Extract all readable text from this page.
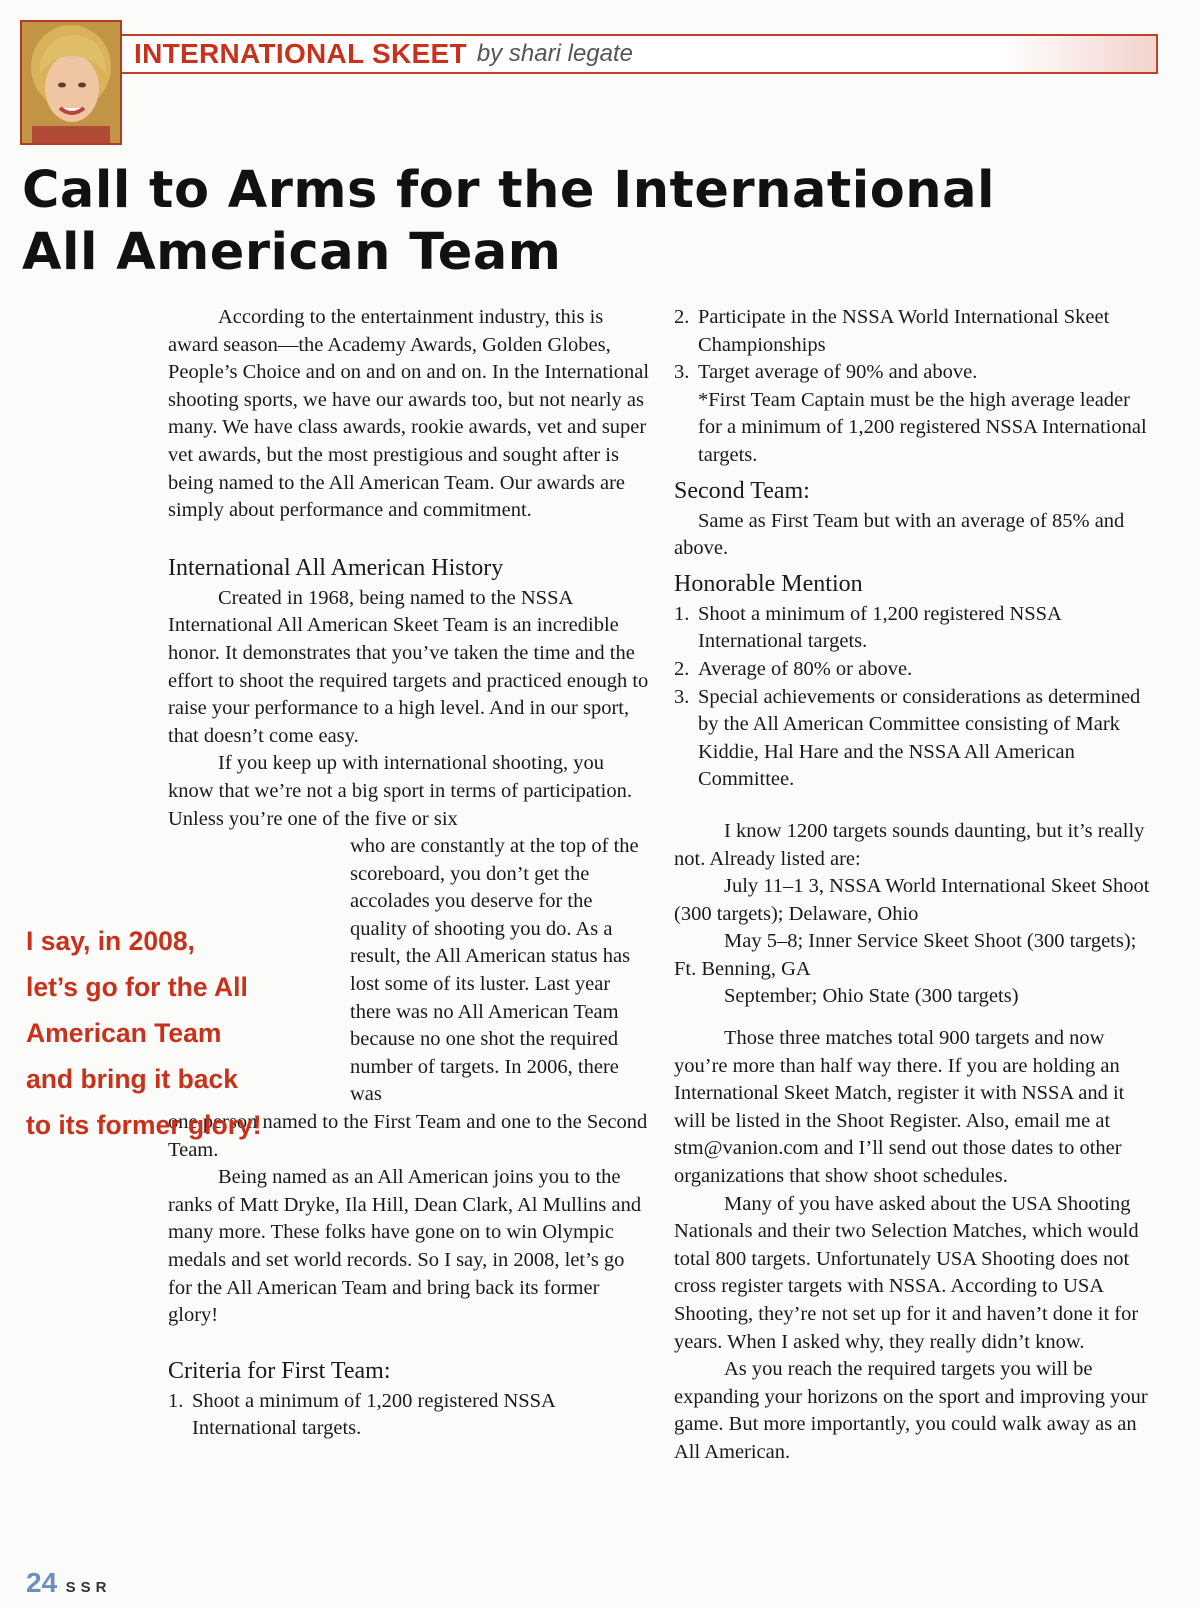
INTERNATIONAL SKEET by shari legate
Call to Arms for the International
All American Team

According to the entertainment industry, this is award season—the Academy Awards, Golden Globes, People’s Choice and on and on and on. In the International shooting sports, we have our awards too, but not nearly as many. We have class awards, rookie awards, vet and super vet awards, but the most prestigious and sought after is being named to the All American Team. Our awards are simply about performance and commitment.

International All American History

Created in 1968, being named to the NSSA International All American Skeet Team is an incredible honor. It demonstrates that you’ve taken the time and the effort to shoot the required targets and practiced enough to raise your performance to a high level. And in our sport, that doesn’t come easy.

If you keep up with international shooting, you know that we’re not a big sport in terms of participation. Unless you’re one of the five or six

who are constantly at the top of the scoreboard, you don’t get the accolades you deserve for the quality of shooting you do. As a result, the All American status has lost some of its luster. Last year there was no All American Team because no one shot the required number of targets. In 2006, there was

one person named to the First Team and one to the Second Team.

Being named as an All American joins you to the ranks of Matt Dryke, Ila Hill, Dean Clark, Al Mullins and many more. These folks have gone on to win Olympic medals and set world records. So I say, in 2008, let’s go for the All American Team and bring back its former glory!

Criteria for First Team:

1. Shoot a minimum of 1,200 registered NSSA International targets.
I say, in 2008,
let’s go for the All
American Team
and bring it back
to its former glory!
2. Participate in the NSSA World International Skeet Championships
3. Target average of 90% and above.

*First Team Captain must be the high average leader for a minimum of 1,200 registered NSSA International targets.

Second Team:

Same as First Team but with an average of 85% and above.

Honorable Mention

1. Shoot a minimum of 1,200 registered NSSA International targets.
2. Average of 80% or above.
3. Special achievements or considerations as determined by the All American Committee consisting of Mark Kiddie, Hal Hare and the NSSA All American Committee.

I know 1200 targets sounds daunting, but it’s really not. Already listed are:

July 11–1 3, NSSA World International Skeet Shoot (300 targets); Delaware, Ohio

May 5–8; Inner Service Skeet Shoot (300 targets); Ft. Benning, GA

September; Ohio State (300 targets)

Those three matches total 900 targets and now you’re more than half way there. If you are holding an International Skeet Match, register it with NSSA and it will be listed in the Shoot Register. Also, email me at stm@vanion.com and I’ll send out those dates to other organizations that show shoot schedules.

Many of you have asked about the USA Shooting Nationals and their two Selection Matches, which would total 800 targets. Unfortunately USA Shooting does not cross register targets with NSSA. According to USA Shooting, they’re not set up for it and haven’t done it for years. When I asked why, they really didn’t know.

As you reach the required targets you will be expanding your horizons on the sport and improving your game. But more importantly, you could walk away as an All American.

24 SSR
